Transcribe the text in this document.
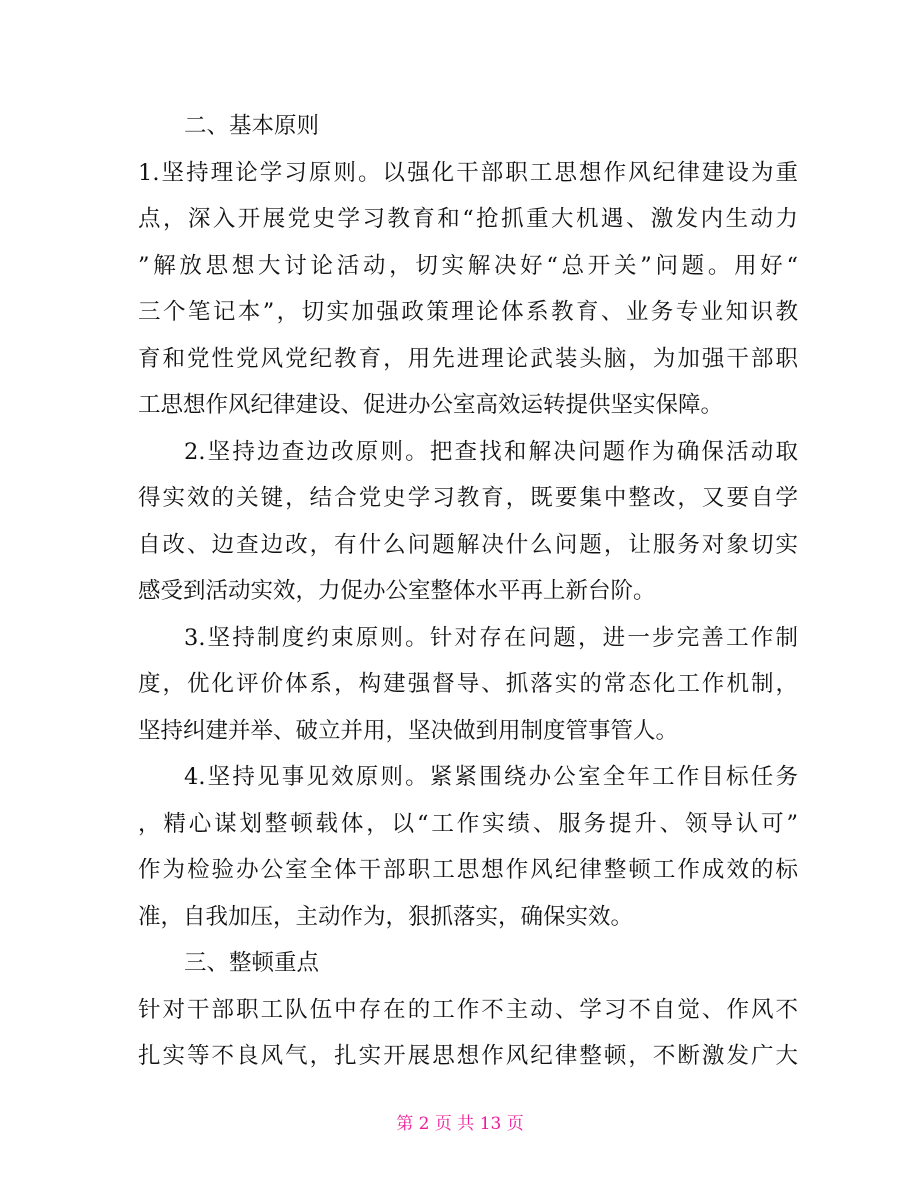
二、基本原则
1.坚持理论学习原则。以强化干部职工思想作风纪律建设为重
点，深入开展党史学习教育和“抢抓重大机遇、激发内生动力
”解放思想大讨论活动，切实解决好“总开关”问题。用好“
三个笔记本”，切实加强政策理论体系教育、业务专业知识教
育和党性党风党纪教育，用先进理论武装头脑，为加强干部职
工思想作风纪律建设、促进办公室高效运转提供坚实保障。
2.坚持边查边改原则。把查找和解决问题作为确保活动取
得实效的关键，结合党史学习教育，既要集中整改，又要自学
自改、边查边改，有什么问题解决什么问题，让服务对象切实
感受到活动实效，力促办公室整体水平再上新台阶。
3.坚持制度约束原则。针对存在问题，进一步完善工作制
度，优化评价体系，构建强督导、抓落实的常态化工作机制，
坚持纠建并举、破立并用，坚决做到用制度管事管人。
4.坚持见事见效原则。紧紧围绕办公室全年工作目标任务
，精心谋划整顿载体，以“工作实绩、服务提升、领导认可”
作为检验办公室全体干部职工思想作风纪律整顿工作成效的标
准，自我加压，主动作为，狠抓落实，确保实效。
三、整顿重点
针对干部职工队伍中存在的工作不主动、学习不自觉、作风不
扎实等不良风气，扎实开展思想作风纪律整顿，不断激发广大
第 2 页 共 13 页
